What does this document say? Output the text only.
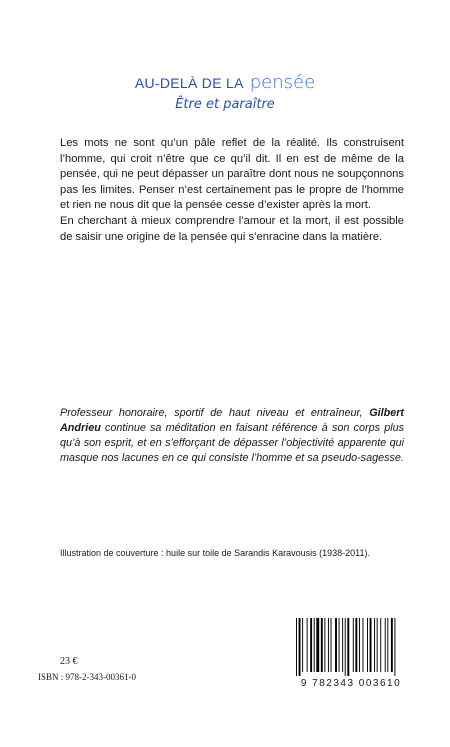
AU-DELÀ DE LA pensée
Être et paraître

Les mots ne sont qu’un pâle reflet de la réalité. Ils construisent l’homme, qui croit n’être que ce qu’il dit. Il en est de même de la pensée, qui ne peut dépasser un paraître dont nous ne soupçonnons pas les limites. Penser n’est certainement pas le propre de l’homme et rien ne nous dit que la pensée cesse d’exister après la mort.

En cherchant à mieux comprendre l’amour et la mort, il est possible de saisir une origine de la pensée qui s’enracine dans la matière.

Professeur honoraire, sportif de haut niveau et entraîneur, Gilbert Andrieu continue sa méditation en faisant référence à son corps plus qu’à son esprit, et en s’efforçant de dépasser l’objectivité apparente qui masque nos lacunes en ce qui consiste l’homme et sa pseudo-sagesse.

Illustration de couverture : huile sur toile de Sarandis Karavousis (1938-2011).

23 €
ISBN : 978-2-343-00361-0
9 782343 003610
